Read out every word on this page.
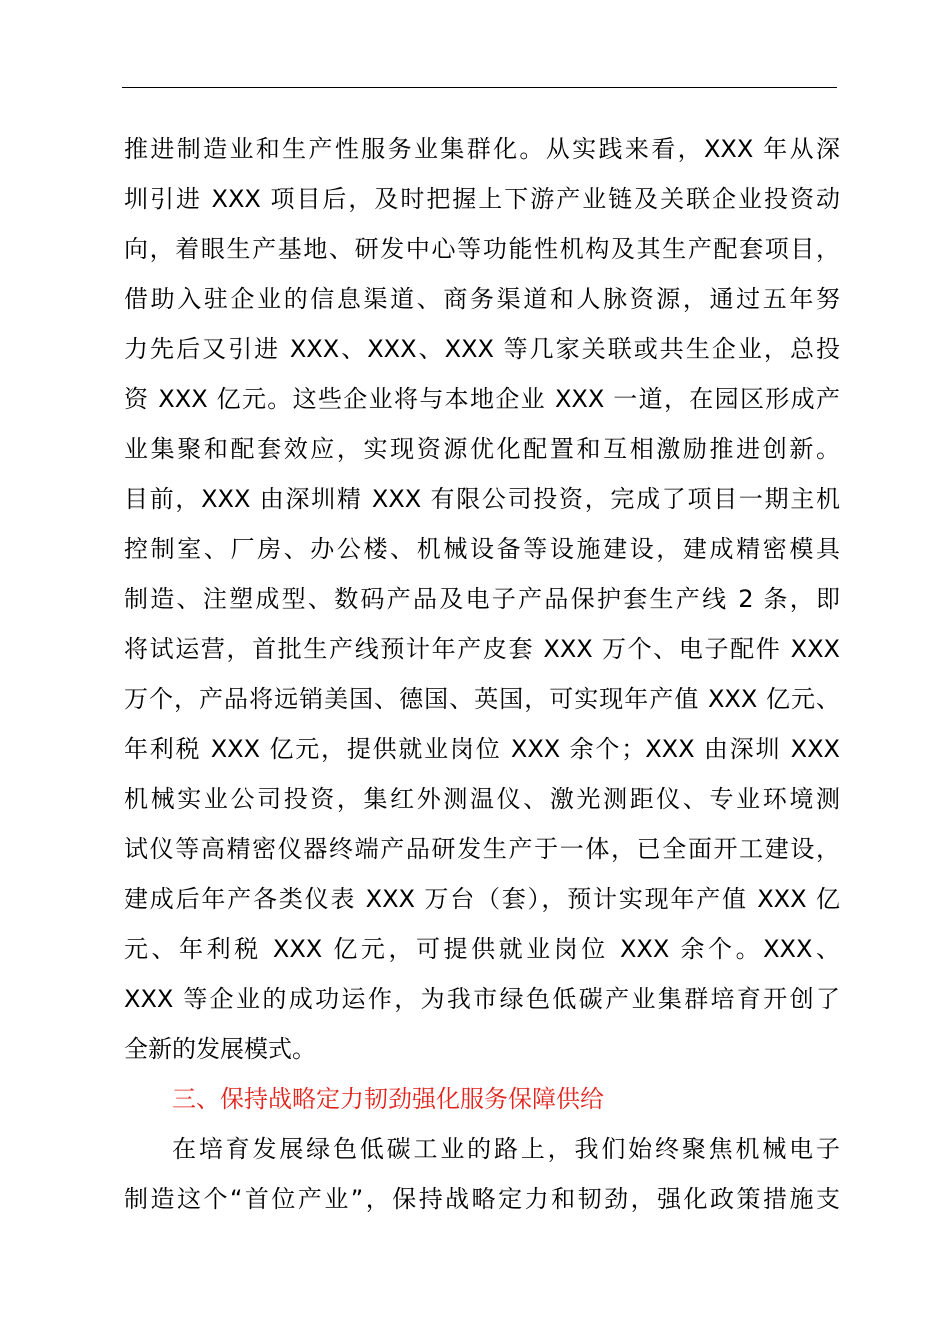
推进制造业和生产性服务业集群化。从实践来看，XXX 年从深
圳引进 XXX 项目后，及时把握上下游产业链及关联企业投资动
向，着眼生产基地、研发中心等功能性机构及其生产配套项目，
借助入驻企业的信息渠道、商务渠道和人脉资源，通过五年努
力先后又引进 XXX、XXX、XXX 等几家关联或共生企业，总投
资 XXX 亿元。这些企业将与本地企业 XXX 一道，在园区形成产
业集聚和配套效应，实现资源优化配置和互相激励推进创新。
目前，XXX 由深圳精 XXX 有限公司投资，完成了项目一期主机
控制室、厂房、办公楼、机械设备等设施建设，建成精密模具
制造、注塑成型、数码产品及电子产品保护套生产线 2 条，即
将试运营，首批生产线预计年产皮套 XXX 万个、电子配件 XXX
万个，产品将远销美国、德国、英国，可实现年产值 XXX 亿元、
年利税 XXX 亿元，提供就业岗位 XXX 余个；XXX 由深圳 XXX
机械实业公司投资，集红外测温仪、激光测距仪、专业环境测
试仪等高精密仪器终端产品研发生产于一体，已全面开工建设，
建成后年产各类仪表 XXX 万台（套），预计实现年产值 XXX 亿
元、年利税 XXX 亿元，可提供就业岗位 XXX 余个。XXX、
XXX 等企业的成功运作，为我市绿色低碳产业集群培育开创了
全新的发展模式。
三、保持战略定力韧劲强化服务保障供给
在培育发展绿色低碳工业的路上，我们始终聚焦机械电子
制造这个“首位产业”，保持战略定力和韧劲，强化政策措施支
